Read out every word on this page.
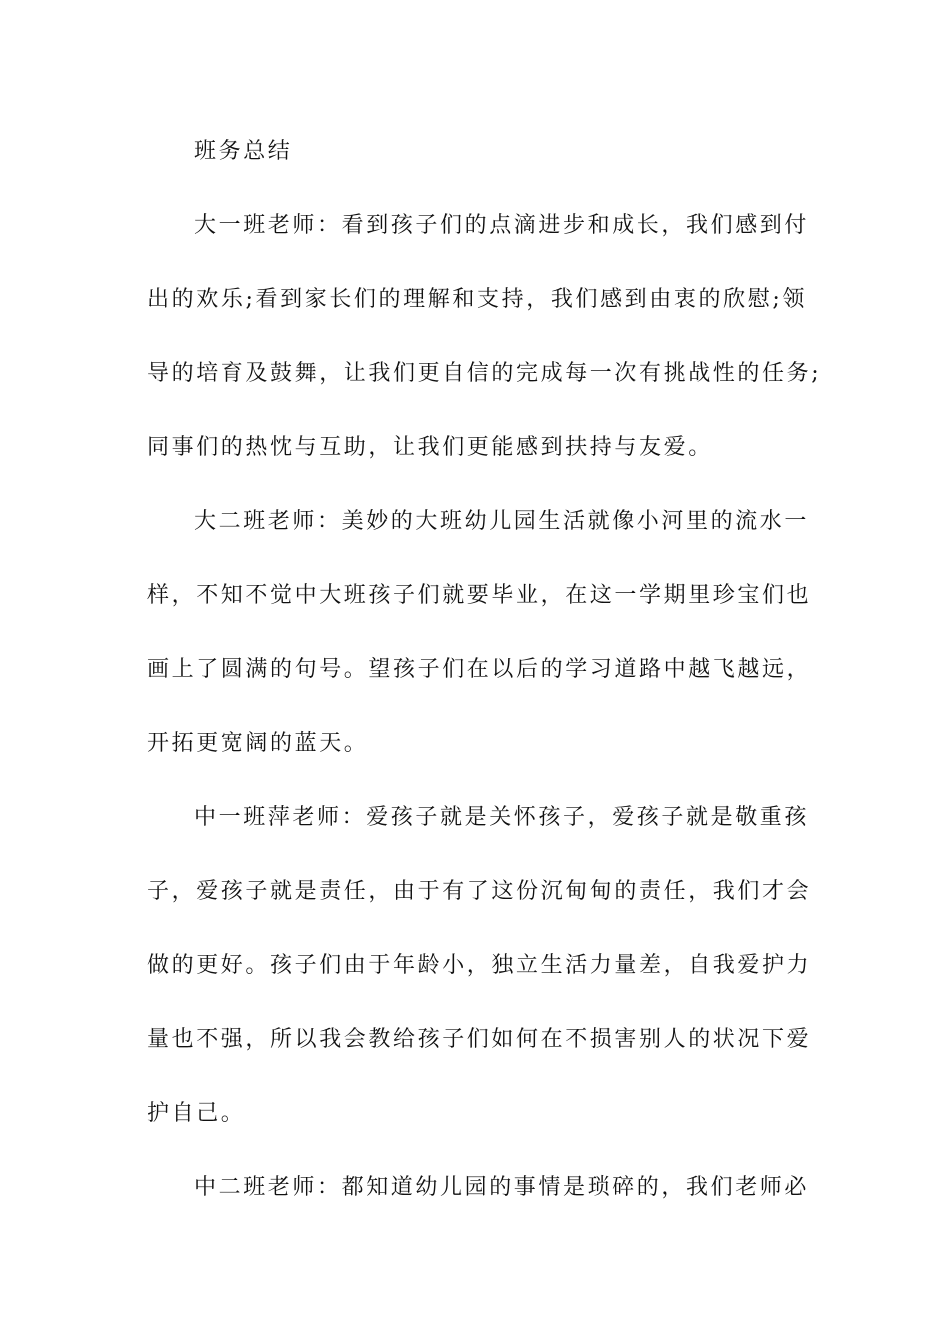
班务总结

大一班老师：看到孩子们的点滴进步和成长，我们感到付

出的欢乐;看到家长们的理解和支持，我们感到由衷的欣慰;领

导的培育及鼓舞，让我们更自信的完成每一次有挑战性的任务;

同事们的热忱与互助，让我们更能感到扶持与友爱。

大二班老师：美妙的大班幼儿园生活就像小河里的流水一

样，不知不觉中大班孩子们就要毕业，在这一学期里珍宝们也

画上了圆满的句号。望孩子们在以后的学习道路中越飞越远，

开拓更宽阔的蓝天。

中一班萍老师：爱孩子就是关怀孩子，爱孩子就是敬重孩

子，爱孩子就是责任，由于有了这份沉甸甸的责任，我们才会

做的更好。孩子们由于年龄小，独立生活力量差，自我爱护力

量也不强，所以我会教给孩子们如何在不损害别人的状况下爱

护自己。

中二班老师：都知道幼儿园的事情是琐碎的，我们老师必
